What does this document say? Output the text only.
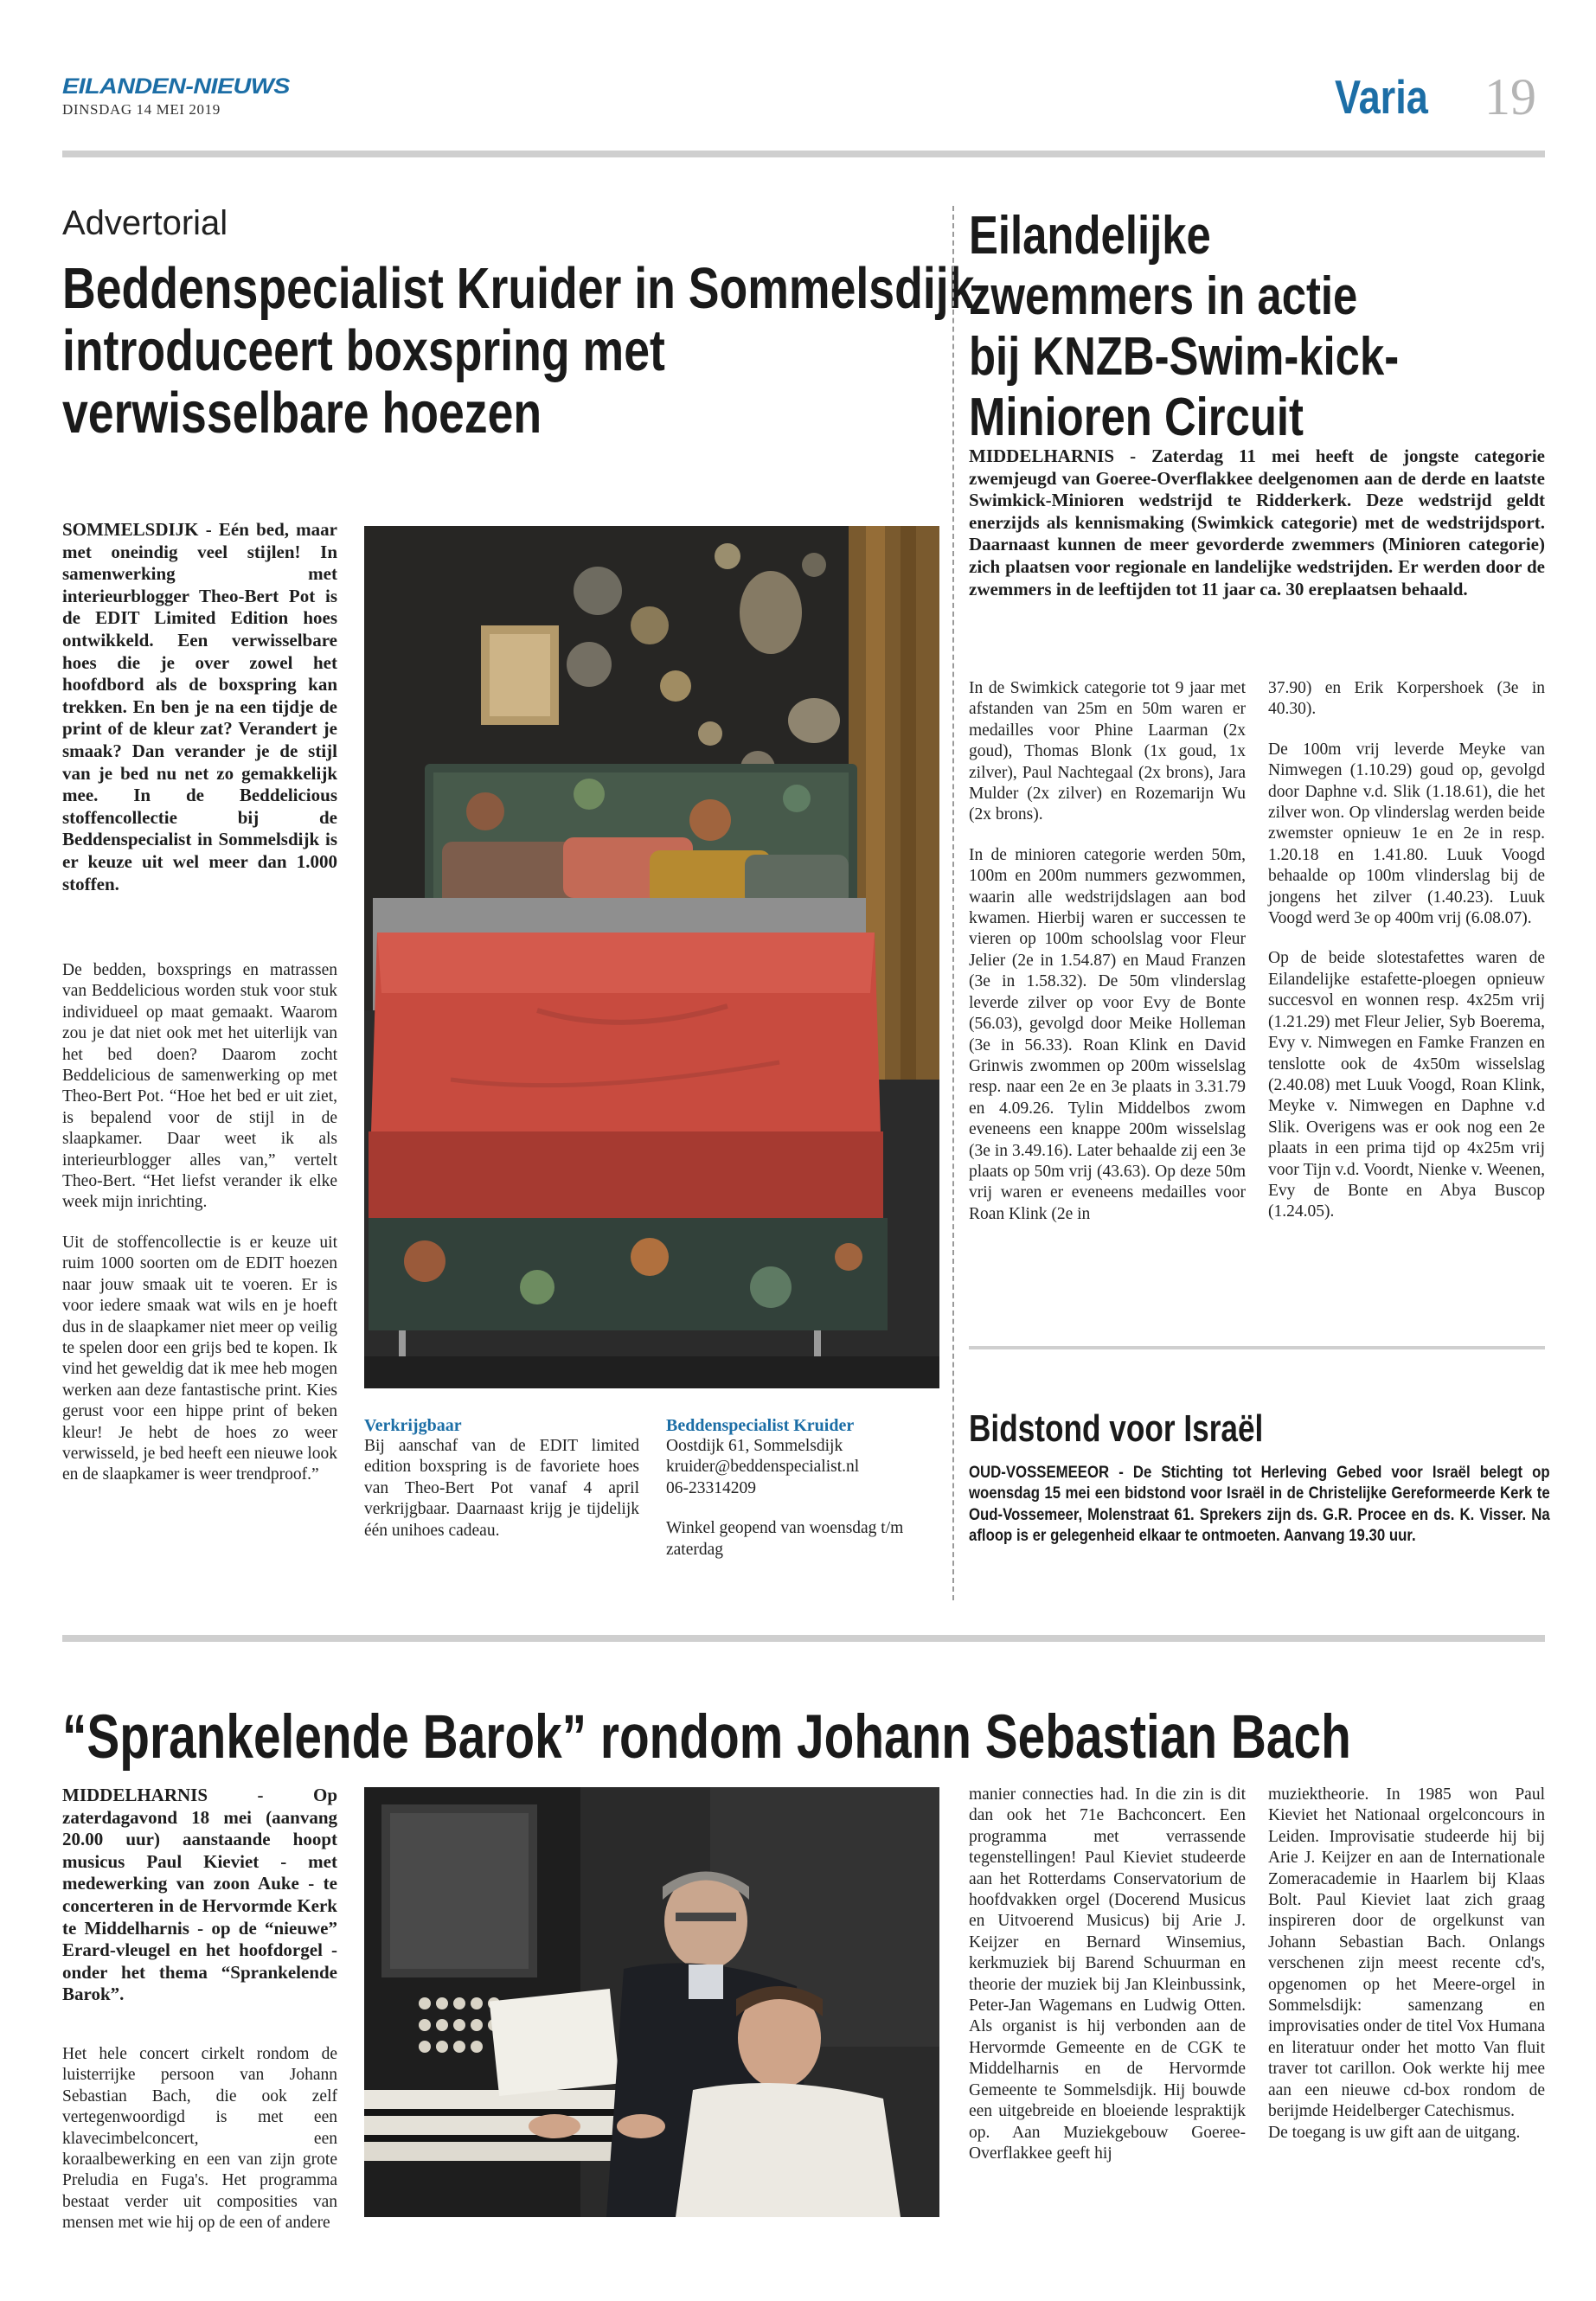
EILANDEN-NIEUWS
DINSDAG 14 MEI 2019	Varia 19
Advertorial
Beddenspecialist Kruider in Sommelsdijk introduceert boxspring met verwisselbare hoezen

SOMMELSDIJK - Eén bed, maar met oneindig veel stijlen! In samenwerking met interieurblogger Theo-Bert Pot is de EDIT Limited Edition hoes ontwikkeld. Een verwisselbare hoes die je over zowel het hoofdbord als de boxspring kan trekken. En ben je na een tijdje de print of de kleur zat? Verandert je smaak? Dan verander je de stijl van je bed nu net zo gemakkelijk mee. In de Beddelicious stoffencollectie bij de Beddenspecialist in Sommelsdijk is er keuze uit wel meer dan 1.000 stoffen.

De bedden, boxsprings en matrassen van Beddelicious worden stuk voor stuk individueel op maat gemaakt. Waarom zou je dat niet ook met het uiterlijk van het bed doen? Daarom zocht Beddelicious de samenwerking op met Theo-Bert Pot. “Hoe het bed er uit ziet, is bepalend voor de stijl in de slaapkamer. Daar weet ik als interieurblogger alles van,” vertelt Theo-Bert. “Het liefst verander ik elke week mijn inrichting.

Uit de stoffencollectie is er keuze uit ruim 1000 soorten om de EDIT hoezen naar jouw smaak uit te voeren. Er is voor iedere smaak wat wils en je hoeft dus in de slaapkamer niet meer op veilig te spelen door een grijs bed te kopen. Ik vind het geweldig dat ik mee heb mogen werken aan deze fantastische print. Kies gerust voor een hippe print of beken kleur! Je hebt de hoes zo weer verwisseld, je bed heeft een nieuwe look en de slaapkamer is weer trendproof.”

Verkrijgbaar
Bij aanschaf van de EDIT limited edition boxspring is de favoriete hoes van Theo-Bert Pot vanaf 4 april verkrijgbaar. Daarnaast krijg je tijdelijk één unihoes cadeau.
Beddenspecialist Kruider
Oostdijk 61, Sommelsdijk
kruider@beddenspecialist.nl
06-23314209
Winkel geopend van woensdag t/m zaterdag
Eilandelijke zwemmers in actie bij KNZB-Swim-kick-Minioren Circuit

MIDDELHARNIS - Zaterdag 11 mei heeft de jongste categorie zwemjeugd van Goeree-Overflakkee deelgenomen aan de derde en laatste Swimkick-Minioren wedstrijd te Ridderkerk. Deze wedstrijd geldt enerzijds als kennismaking (Swimkick categorie) met de wedstrijdsport. Daarnaast kunnen de meer gevorderde zwemmers (Minioren categorie) zich plaatsen voor regionale en landelijke wedstrijden. Er werden door de zwemmers in de leeftijden tot 11 jaar ca. 30 ereplaatsen behaald.

In de Swimkick categorie tot 9 jaar met afstanden van 25m en 50m waren er medailles voor Phine Laarman (2x goud), Thomas Blonk (1x goud, 1x zilver), Paul Nachtegaal (2x brons), Jara Mulder (2x zilver) en Rozemarijn Wu (2x brons).

In de minioren categorie werden 50m, 100m en 200m nummers gezwommen, waarin alle wedstrijdslagen aan bod kwamen. Hierbij waren er successen te vieren op 100m schoolslag voor Fleur Jelier (2e in 1.54.87) en Maud Franzen (3e in 1.58.32). De 50m vlinderslag leverde zilver op voor Evy de Bonte (56.03), gevolgd door Meike Holleman (3e in 56.33). Roan Klink en David Grinwis zwommen op 200m wisselslag resp. naar een 2e en 3e plaats in 3.31.79 en 4.09.26. Tylin Middelbos zwom eveneens een knappe 200m wisselslag (3e in 3.49.16). Later behaalde zij een 3e plaats op 50m vrij (43.63). Op deze 50m vrij waren er eveneens medailles voor Roan Klink (2e in

37.90) en Erik Korpershoek (3e in 40.30).

De 100m vrij leverde Meyke van Nimwegen (1.10.29) goud op, gevolgd door Daphne v.d. Slik (1.18.61), die het zilver won. Op vlinderslag werden beide zwemster opnieuw 1e en 2e in resp. 1.20.18 en 1.41.80. Luuk Voogd behaalde op 100m vlinderslag bij de jongens het zilver (1.40.23). Luuk Voogd werd 3e op 400m vrij (6.08.07).

Op de beide slotestafettes waren de Eilandelijke estafette-ploegen opnieuw succesvol en wonnen resp. 4x25m vrij (1.21.29) met Fleur Jelier, Syb Boerema, Evy v. Nimwegen en Famke Franzen en tenslotte ook de 4x50m wisselslag (2.40.08) met Luuk Voogd, Roan Klink, Meyke v. Nimwegen en Daphne v.d Slik. Overigens was er ook nog een 2e plaats in een prima tijd op 4x25m vrij voor Tijn v.d. Voordt, Nienke v. Weenen, Evy de Bonte en Abya Buscop (1.24.05).

Bidstond voor Israël
OUD-VOSSEMEEOR - De Stichting tot Herleving Gebed voor Israël belegt op woensdag 15 mei een bidstond voor Israël in de Christelijke Gereformeerde Kerk te Oud-Vossemeer, Molenstraat 61. Sprekers zijn ds. G.R. Procee en ds. K. Visser. Na afloop is er gelegenheid elkaar te ontmoeten. Aanvang 19.30 uur.
“Sprankelende Barok” rondom Johann Sebastian Bach

MIDDELHARNIS - Op zaterdagavond 18 mei (aanvang 20.00 uur) aanstaande hoopt musicus Paul Kieviet - met medewerking van zoon Auke - te concerteren in de Hervormde Kerk te Middelharnis - op de “nieuwe” Erard-vleugel en het hoofdorgel - onder het thema “Sprankelende Barok”.

Het hele concert cirkelt rondom de luisterrijke persoon van Johann Sebastian Bach, die ook zelf vertegenwoordigd is met een klavecimbelconcert, een koraalbewerking en een van zijn grote Preludia en Fuga's. Het programma bestaat verder uit composities van mensen met wie hij op de een of andere

manier connecties had. In die zin is dit dan ook het 71e Bachconcert. Een programma met verrassende tegenstellingen! Paul Kieviet studeerde aan het Rotterdams Conservatorium de hoofdvakken orgel (Docerend Musicus en Uitvoerend Musicus) bij Arie J. Keijzer en Bernard Winsemius, kerkmuziek bij Barend Schuurman en theorie der muziek bij Jan Kleinbussink, Peter-Jan Wagemans en Ludwig Otten. Als organist is hij verbonden aan de Hervormde Gemeente en de CGK te Middelharnis en de Hervormde Gemeente te Sommelsdijk. Hij bouwde een uitgebreide en bloeiende lespraktijk op. Aan Muziekgebouw Goeree-Overflakkee geeft hij

muziektheorie. In 1985 won Paul Kieviet het Nationaal orgelconcours in Leiden. Improvisatie studeerde hij bij Arie J. Keijzer en aan de Internationale Zomeracademie in Haarlem bij Klaas Bolt. Paul Kieviet laat zich graag inspireren door de orgelkunst van Johann Sebastian Bach. Onlangs verschenen zijn meest recente cd's, opgenomen op het Meere-orgel in Sommelsdijk: samenzang en improvisaties onder de titel Vox Humana en literatuur onder het motto Van fluit traver tot carillon. Ook werkte hij mee aan een nieuwe cd-box rondom de berijmde Heidelberger Catechismus.

De toegang is uw gift aan de uitgang.
